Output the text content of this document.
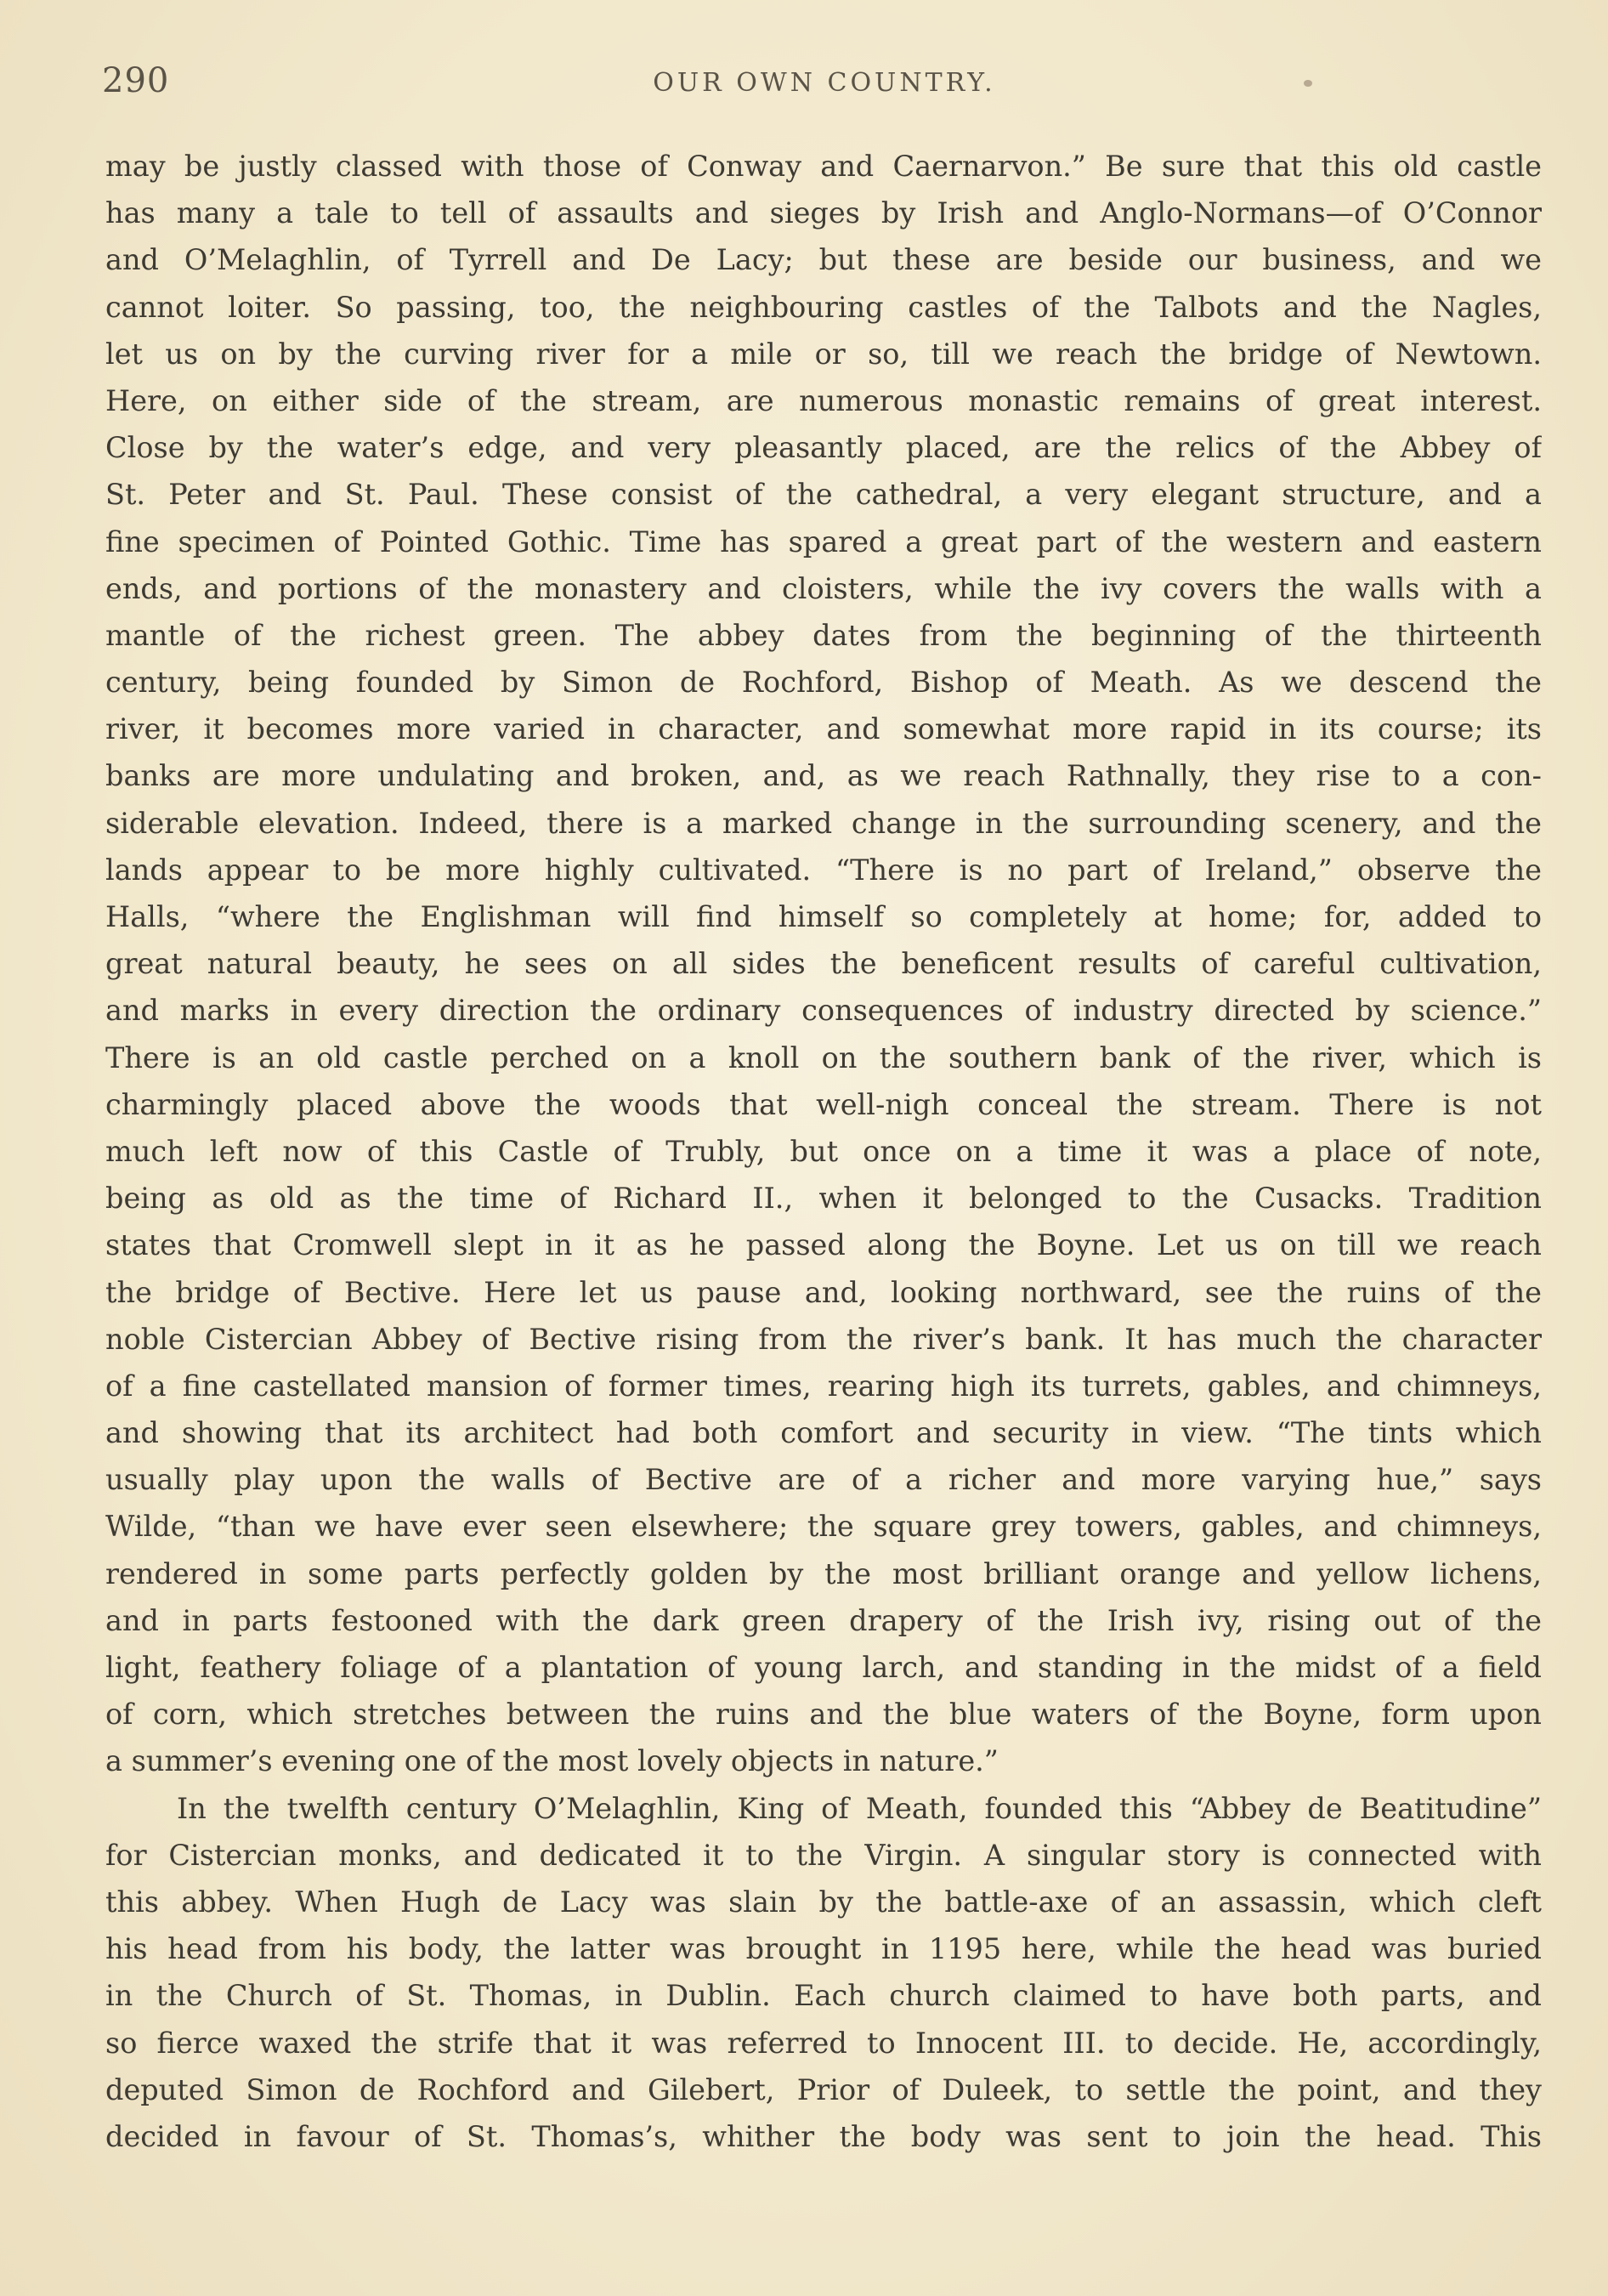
290	OUR OWN COUNTRY.
may be justly classed with those of Conway and Caernarvon.” Be sure that this old castle
has many a tale to tell of assaults and sieges by Irish and Anglo-Normans—of O’Connor
and O’Melaghlin, of Tyrrell and De Lacy; but these are beside our business, and we
cannot loiter. So passing, too, the neighbouring castles of the Talbots and the Nagles,
let us on by the curving river for a mile or so, till we reach the bridge of Newtown.
Here, on either side of the stream, are numerous monastic remains of great interest.
Close by the water’s edge, and very pleasantly placed, are the relics of the Abbey of
St. Peter and St. Paul. These consist of the cathedral, a very elegant structure, and a
fine specimen of Pointed Gothic. Time has spared a great part of the western and eastern
ends, and portions of the monastery and cloisters, while the ivy covers the walls with a
mantle of the richest green. The abbey dates from the beginning of the thirteenth
century, being founded by Simon de Rochford, Bishop of Meath. As we descend the
river, it becomes more varied in character, and somewhat more rapid in its course; its
banks are more undulating and broken, and, as we reach Rathnally, they rise to a con-
siderable elevation. Indeed, there is a marked change in the surrounding scenery, and the
lands appear to be more highly cultivated. “There is no part of Ireland,” observe the
Halls, “where the Englishman will find himself so completely at home; for, added to
great natural beauty, he sees on all sides the beneficent results of careful cultivation,
and marks in every direction the ordinary consequences of industry directed by science.”
There is an old castle perched on a knoll on the southern bank of the river, which is
charmingly placed above the woods that well-nigh conceal the stream. There is not
much left now of this Castle of Trubly, but once on a time it was a place of note,
being as old as the time of Richard II., when it belonged to the Cusacks. Tradition
states that Cromwell slept in it as he passed along the Boyne. Let us on till we reach
the bridge of Bective. Here let us pause and, looking northward, see the ruins of the
noble Cistercian Abbey of Bective rising from the river’s bank. It has much the character
of a fine castellated mansion of former times, rearing high its turrets, gables, and chimneys,
and showing that its architect had both comfort and security in view. “The tints which
usually play upon the walls of Bective are of a richer and more varying hue,” says
Wilde, “than we have ever seen elsewhere; the square grey towers, gables, and chimneys,
rendered in some parts perfectly golden by the most brilliant orange and yellow lichens,
and in parts festooned with the dark green drapery of the Irish ivy, rising out of the
light, feathery foliage of a plantation of young larch, and standing in the midst of a field
of corn, which stretches between the ruins and the blue waters of the Boyne, form upon
a summer’s evening one of the most lovely objects in nature.”
In the twelfth century O’Melaghlin, King of Meath, founded this “Abbey de Beatitudine”
for Cistercian monks, and dedicated it to the Virgin. A singular story is connected with
this abbey. When Hugh de Lacy was slain by the battle-axe of an assassin, which cleft
his head from his body, the latter was brought in 1195 here, while the head was buried
in the Church of St. Thomas, in Dublin. Each church claimed to have both parts, and
so fierce waxed the strife that it was referred to Innocent III. to decide. He, accordingly,
deputed Simon de Rochford and Gilebert, Prior of Duleek, to settle the point, and they
decided in favour of St. Thomas’s, whither the body was sent to join the head. This
